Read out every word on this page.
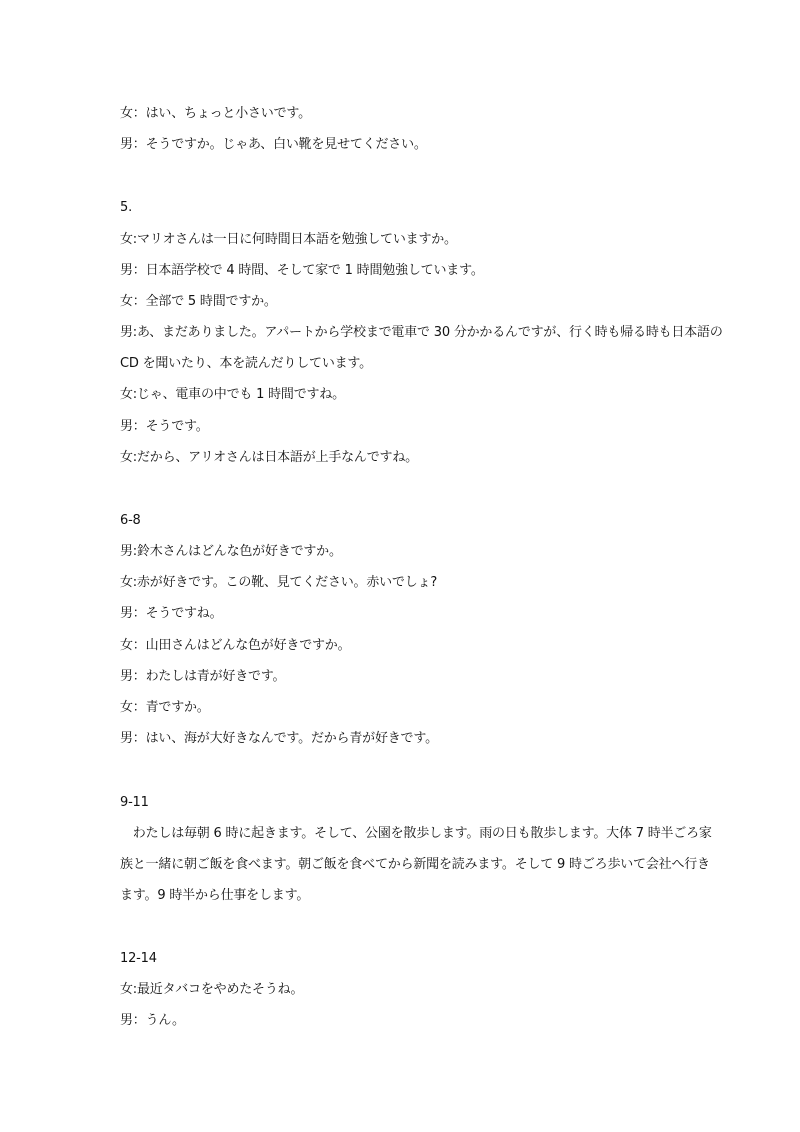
女：はい、ちょっと小さいです。
男：そうですか。じゃあ、白い靴を見せてください。
5.
女:マリオさんは一日に何時間日本語を勉強していますか。
男：日本語学校で 4 時間、そして家で 1 時間勉強しています。
女：全部で 5 時間ですか。
男:あ、まだありました。アパートから学校まで電車で 30 分かかるんですが、行く時も帰る時も日本語の
CD を聞いたり、本を読んだりしています。
女:じゃ、電車の中でも 1 時間ですね。
男：そうです。
女:だから、アリオさんは日本語が上手なんですね。
6-8
男:鈴木さんはどんな色が好きですか。
女:赤が好きです。この靴、見てください。赤いでしょ?
男：そうですね。
女：山田さんはどんな色が好きですか。
男：わたしは青が好きです。
女：青ですか。
男：はい、海が大好きなんです。だから青が好きです。
9-11
　わたしは毎朝 6 時に起きます。そして、公園を散歩します。雨の日も散歩します。大体 7 時半ごろ家
族と一緒に朝ご飯を食べます。朝ご飯を食べてから新聞を読みます。そして 9 時ごろ歩いて会社へ行き
ます。9 時半から仕事をします。
12-14
女:最近タバコをやめたそうね。
男：うん。
